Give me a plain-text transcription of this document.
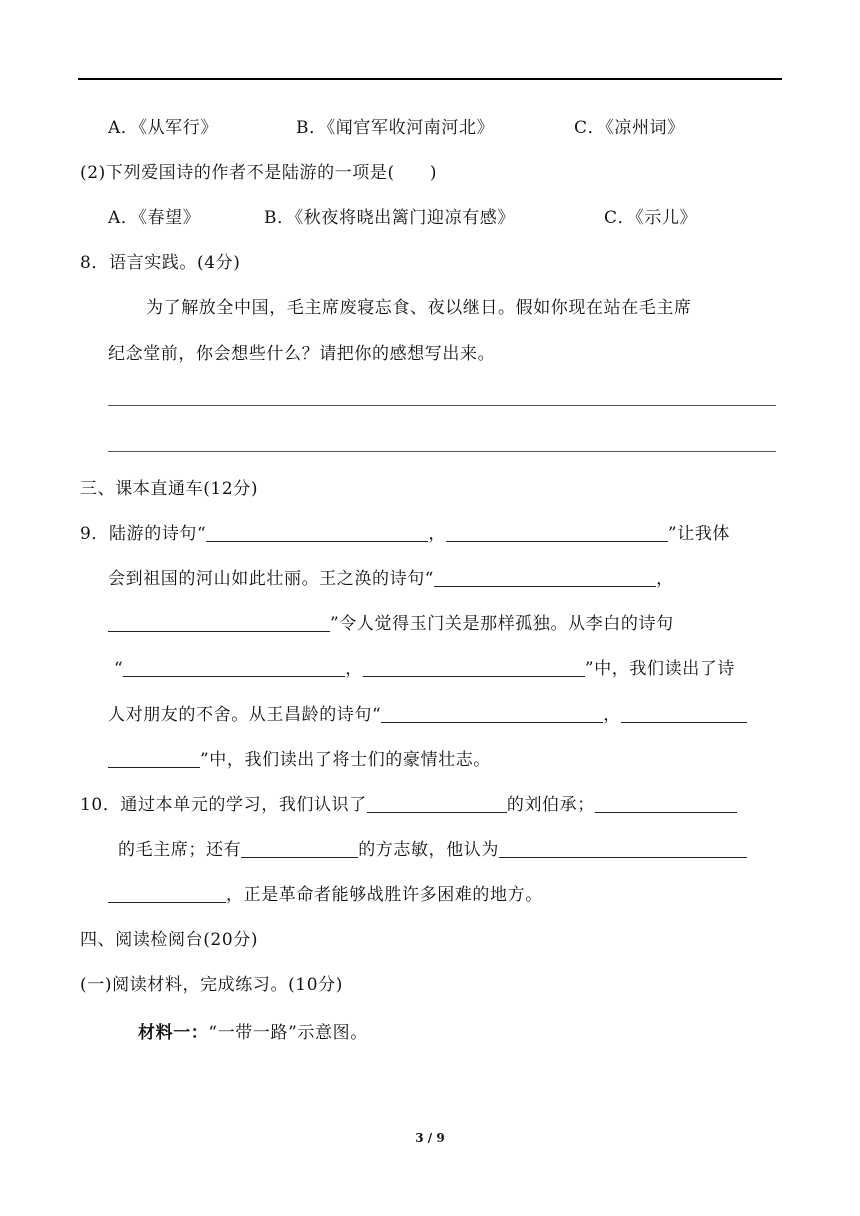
A．《从军行》	B．《闻官军收河南河北》	C．《凉州词》
(2)下列爱国诗的作者不是陆游的一项是(　　)
A．《春望》	B．《秋夜将晓出篱门迎凉有感》	C．《示儿》
8．语言实践。(4分)
为了解放全中国，毛主席废寝忘食、夜以继日。假如你现在站在毛主席
纪念堂前，你会想些什么？请把你的感想写出来。
三、课本直通车(12分)
9．陆游的诗句“	，	”让我体
会到祖国的河山如此壮丽。王之涣的诗句“	，
”令人觉得玉门关是那样孤独。从李白的诗句
“	，	”中，我们读出了诗
人对朋友的不舍。从王昌龄的诗句“	，
”中，我们读出了将士们的豪情壮志。
10．通过本单元的学习，我们认识了	的刘伯承；
的毛主席；还有	的方志敏，他认为
，正是革命者能够战胜许多困难的地方。
四、阅读检阅台(20分)
(一)阅读材料，完成练习。(10分)
材料一：“一带一路”示意图。
3 / 9
